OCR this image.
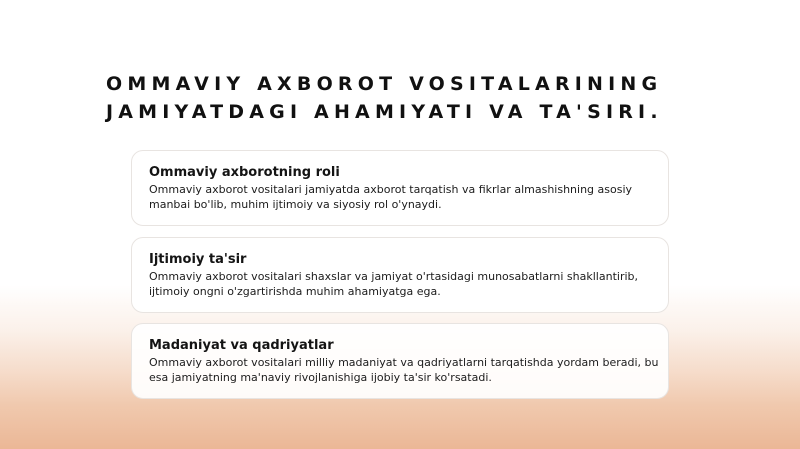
OMMAVIY AXBOROT VOSITALARINING
JAMIYATDAGI AHAMIYATI VA TA'SIRI.
Ommaviy axborotning roli
Ommaviy axborot vositalari jamiyatda axborot tarqatish va fikrlar almashishning asosiy
manbai bo'lib, muhim ijtimoiy va siyosiy rol o'ynaydi.
Ijtimoiy ta'sir
Ommaviy axborot vositalari shaxslar va jamiyat o'rtasidagi munosabatlarni shakllantirib,
ijtimoiy ongni o'zgartirishda muhim ahamiyatga ega.
Madaniyat va qadriyatlar
Ommaviy axborot vositalari milliy madaniyat va qadriyatlarni tarqatishda yordam beradi, bu
esa jamiyatning ma'naviy rivojlanishiga ijobiy ta'sir ko'rsatadi.
